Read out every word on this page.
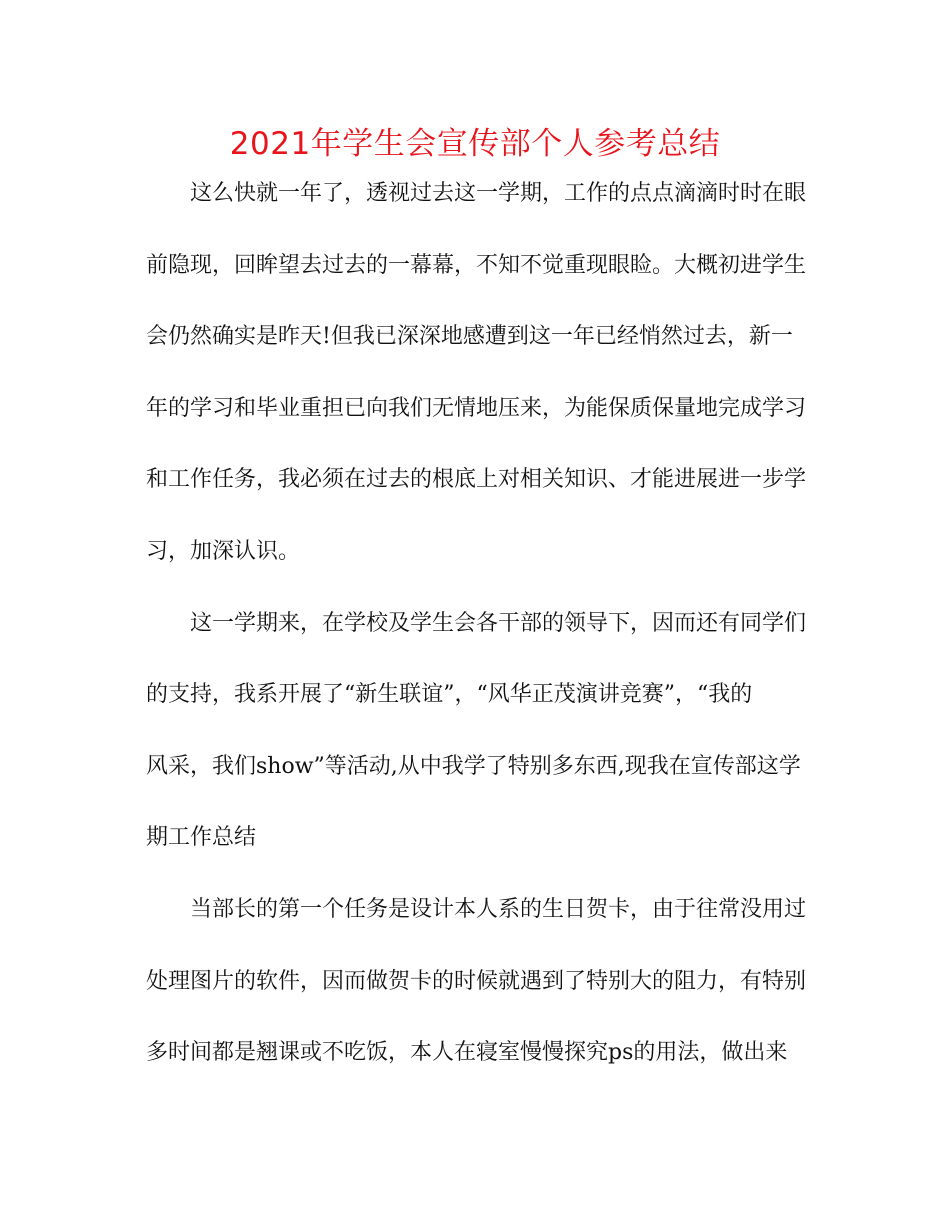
2021年学生会宣传部个人参考总结
这么快就一年了，透视过去这一学期，工作的点点滴滴时时在眼
前隐现，回眸望去过去的一幕幕，不知不觉重现眼睑。大概初进学生
会仍然确实是昨天!但我已深深地感遭到这一年已经悄然过去，新一
年的学习和毕业重担已向我们无情地压来，为能保质保量地完成学习
和工作任务，我必须在过去的根底上对相关知识、才能进展进一步学
习，加深认识。
这一学期来，在学校及学生会各干部的领导下，因而还有同学们
的支持，我系开展了“新生联谊”，“风华正茂演讲竞赛”，“我的
风采，我们show”等活动,从中我学了特别多东西,现我在宣传部这学
期工作总结
当部长的第一个任务是设计本人系的生日贺卡，由于往常没用过
处理图片的软件，因而做贺卡的时候就遇到了特别大的阻力，有特别
多时间都是翘课或不吃饭，本人在寝室慢慢探究ps的用法，做出来
